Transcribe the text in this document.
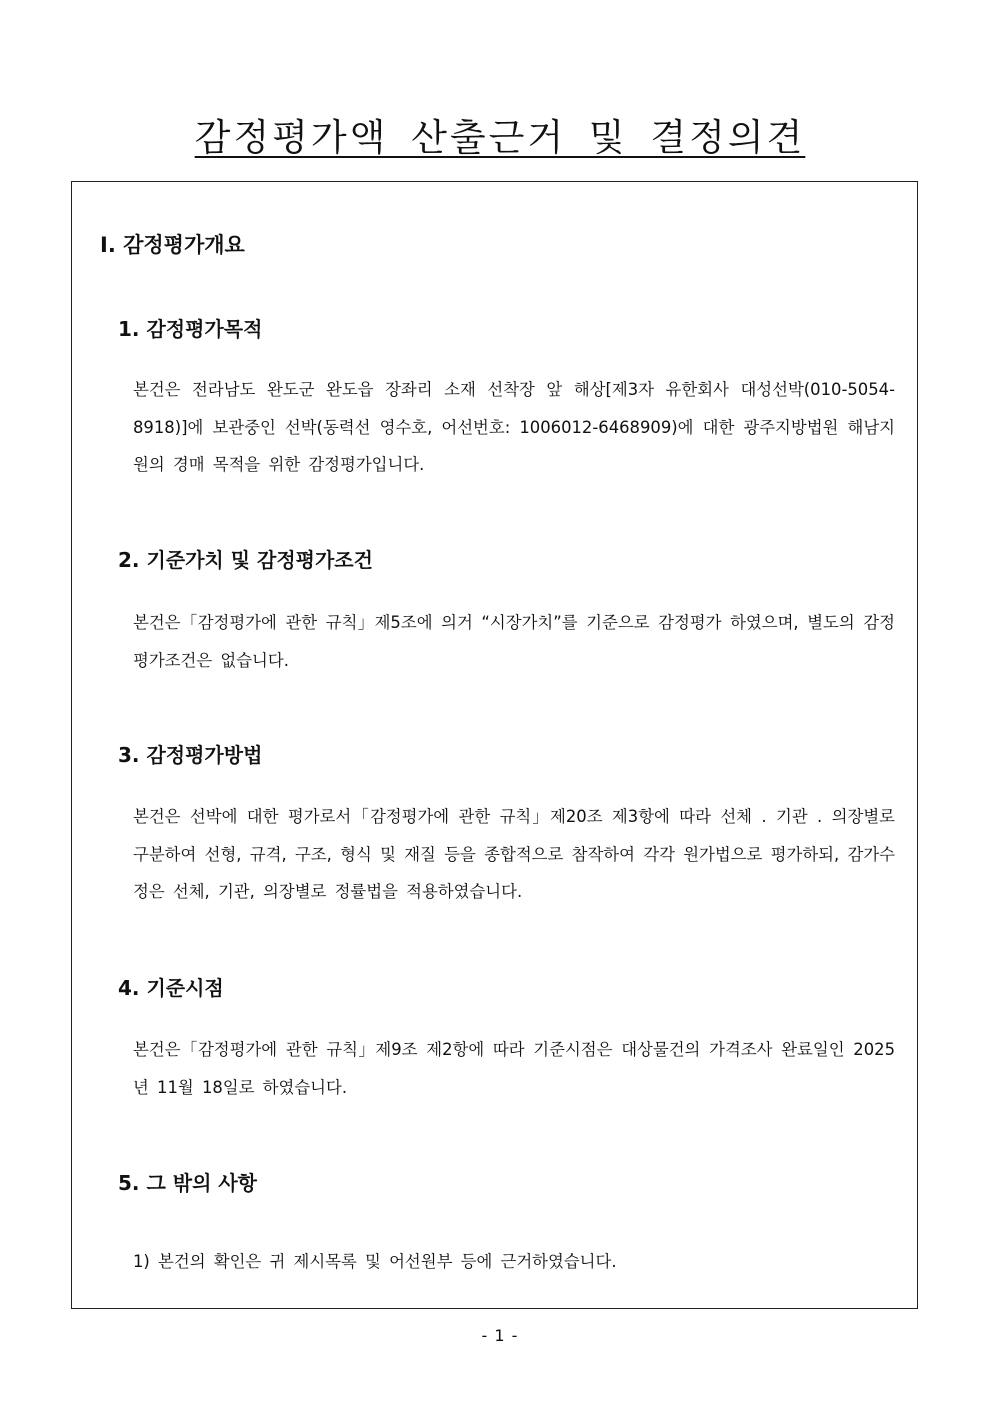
감정평가액 산출근거 및 결정의견
Ⅰ. 감정평가개요
1. 감정평가목적

본건은 전라남도 완도군 완도읍 장좌리 소재 선착장 앞 해상[제3자 유한회사 대성선박(010-5054-8918)]에 보관중인 선박(동력선 영수호, 어선번호: 1006012-6468909)에 대한 광주지방법원 해남지원의 경매 목적을 위한 감정평가입니다.

2. 기준가치 및 감정평가조건

본건은「감정평가에 관한 규칙」제5조에 의거 “시장가치”를 기준으로 감정평가 하였으며, 별도의 감정평가조건은 없습니다.

3. 감정평가방법

본건은 선박에 대한 평가로서「감정평가에 관한 규칙」제20조 제3항에 따라 선체 . 기관 . 의장별로 구분하여 선형, 규격, 구조, 형식 및 재질 등을 종합적으로 참작하여 각각 원가법으로 평가하되, 감가수정은 선체, 기관, 의장별로 정률법을 적용하였습니다.

4. 기준시점

본건은「감정평가에 관한 규칙」제9조 제2항에 따라 기준시점은 대상물건의 가격조사 완료일인 2025년 11월 18일로 하였습니다.

5. 그 밖의 사항

1) 본건의 확인은 귀 제시목록 및 어선원부 등에 근거하였습니다.

- 1 -
